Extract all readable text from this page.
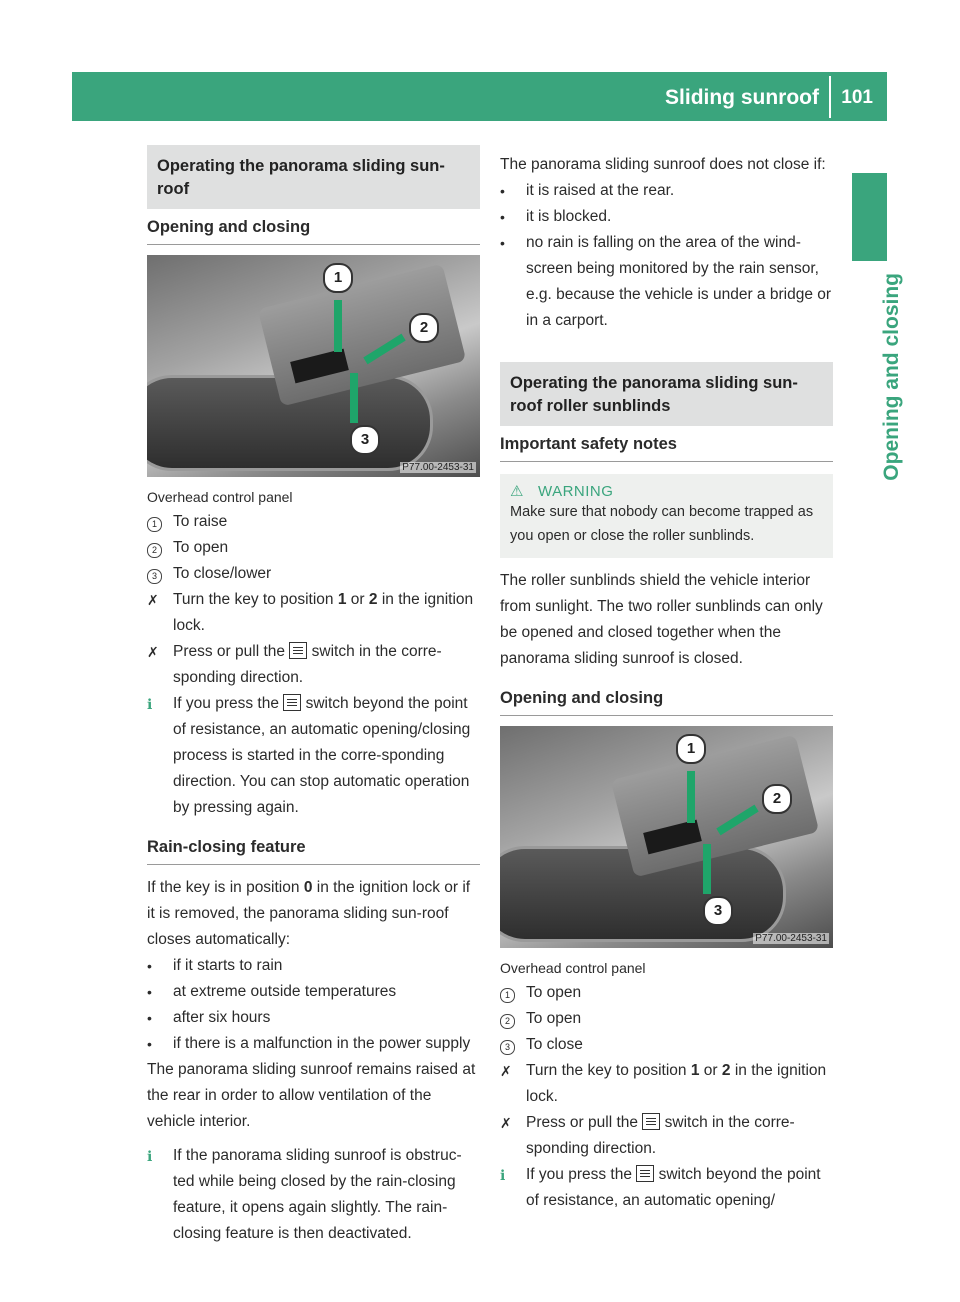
Sliding sunroof 101
Opening and closing
Operating the panorama sliding sun-
roof
Opening and closing
1
2
3
P77.00-2453-31
Overhead control panel
1	To raise
2	To open
3	To close/lower
✗ Turn the key to position 1 or 2 in the ignition lock.
✗ Press or pull the  switch in the corre-sponding direction.
ℹ	If you press the  switch beyond the point of resistance, an automatic opening/closing process is started in the corre-sponding direction. You can stop automatic operation by pressing again.
Rain-closing feature
If the key is in position 0 in the ignition lock or if it is removed, the panorama sliding sun-roof closes automatically:
•	if it starts to rain
•	at extreme outside temperatures
•	after six hours
•	if there is a malfunction in the power supply
The panorama sliding sunroof remains raised at the rear in order to allow ventilation of the vehicle interior.
ℹ	If the panorama sliding sunroof is obstruc-ted while being closed by the rain-closing feature, it opens again slightly. The rain-closing feature is then deactivated.
The panorama sliding sunroof does not close if:
•	it is raised at the rear.
•	it is blocked.
•	no rain is falling on the area of the wind-screen being monitored by the rain sensor, e.g. because the vehicle is under a bridge or in a carport.
Operating the panorama sliding sun-
roof roller sunblinds
Important safety notes
⚠ WARNING
Make sure that nobody can become trapped as you open or close the roller sunblinds.
The roller sunblinds shield the vehicle interior from sunlight. The two roller sunblinds can only be opened and closed together when the panorama sliding sunroof is closed.
Opening and closing
1
2
3
P77.00-2453-31
Overhead control panel
1	To open
2	To open
3	To close
✗ Turn the key to position 1 or 2 in the ignition lock.
✗ Press or pull the  switch in the corre-sponding direction.
ℹ	If you press the  switch beyond the point of resistance, an automatic opening/
